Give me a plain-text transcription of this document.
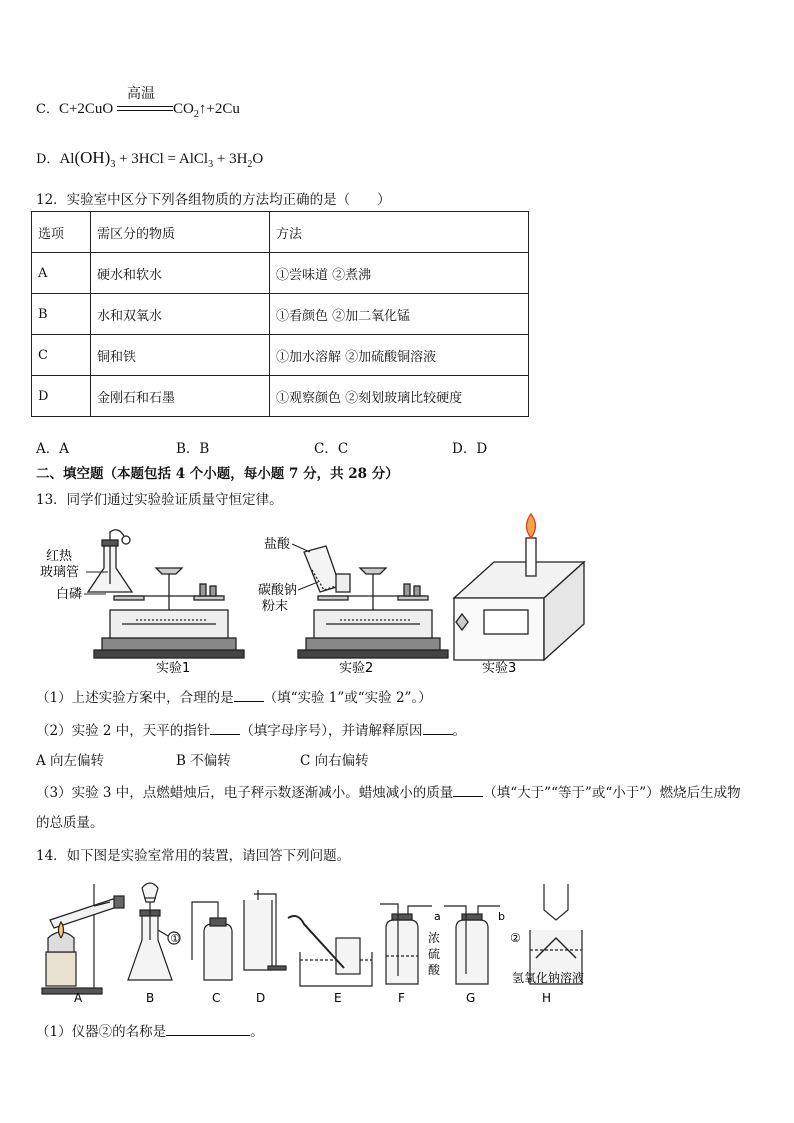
C．C+2CuO
高温
$CO_2↑+2Cu$
D．$Al(OH)_3 + 3HCl$ = AlCl$_3$ + $3H_2O$
12．实验室中区分下列各组物质的方法均正确的是（　　）
选项	需区分的物质	方法
A	硬水和软水	①尝味道 ②煮沸
B	水和双氧水	①看颜色 ②加二氧化锰
C	铜和铁	①加水溶解 ②加硫酸铜溶液
D	金刚石和石墨	①观察颜色 ②刻划玻璃比较硬度
A．A	B．B	C．C	D．D
二、填空题（本题包括 4 个小题，每小题 7 分，共 28 分）
13．同学们通过实验验证质量守恒定律。
红热
玻璃管
白磷
盐酸
碳酸钠
粉末
实验1	实验2	实验3
（1）上述实验方案中，合理的是 （填“实验 1”或“实验 2”。）
（2）实验 2 中，天平的指针 （填字母序号），并请解释原因 。
A 向左偏转	B 不偏转	C 向右偏转
（3）实验 3 中，点燃蜡烛后，电子秤示数逐渐减小。蜡烛减小的质量 （填“大于”“等于”或“小于”）燃烧后生成物
的总质量。
14．如下图是实验室常用的装置，请回答下列问题。
A	B	C	D	E	F	G	H
①	②
a	b
浓
硫
酸
氢氧化钠溶液
（1）仪器②的名称是	。
